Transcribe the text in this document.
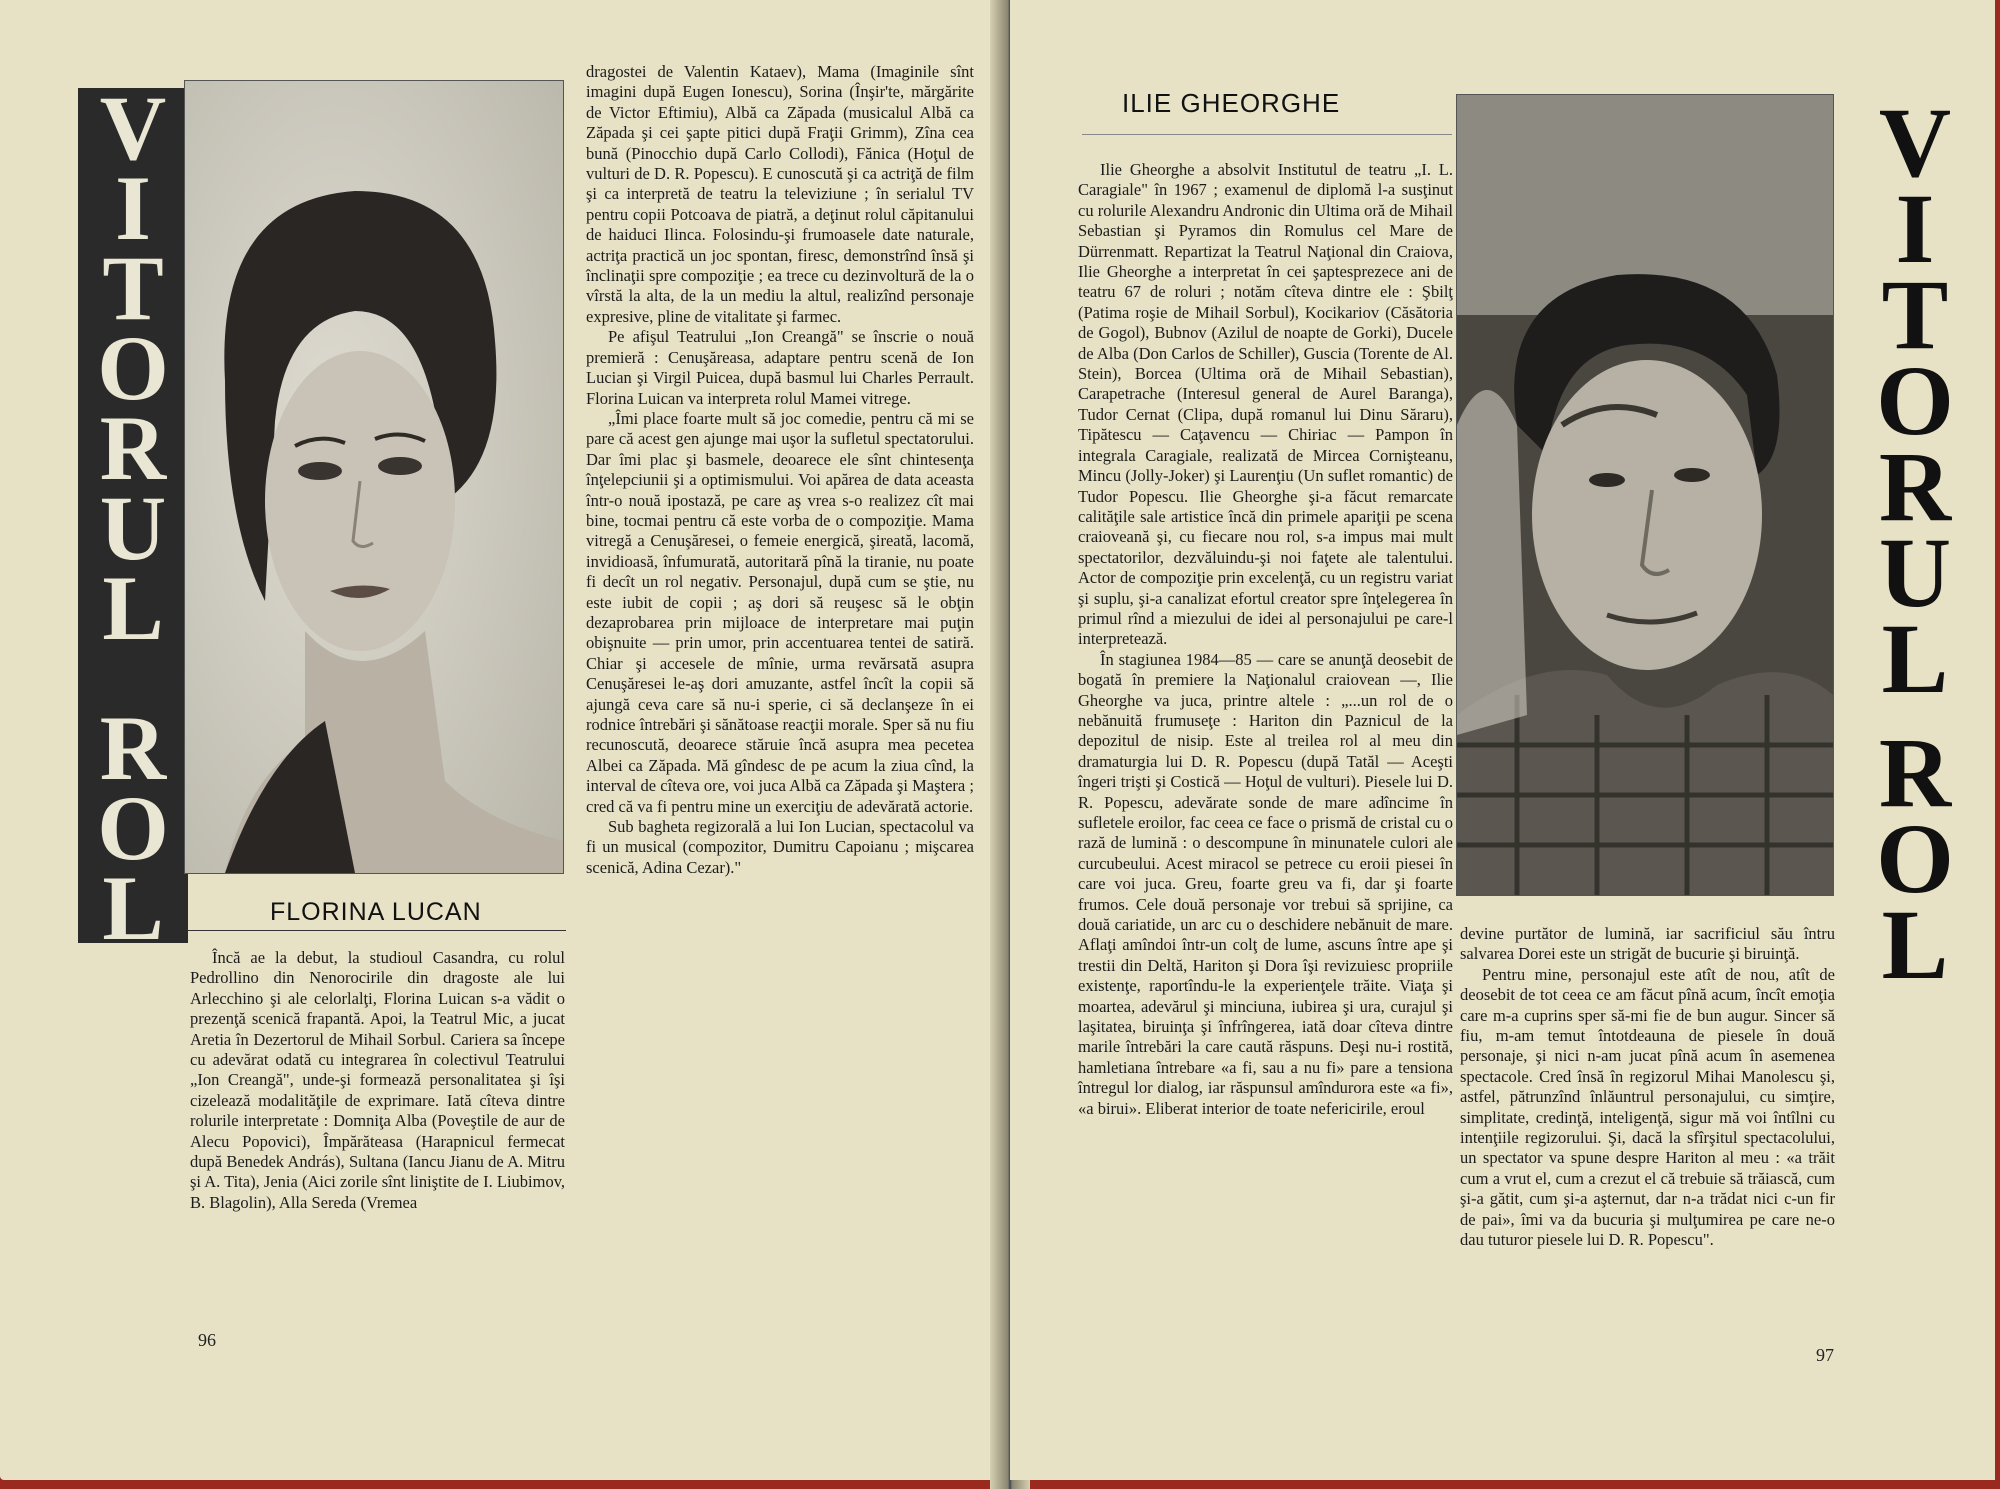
V
I
T
O
R
U
L
R
O
L	FLORINA LUCAN

Încă ae la debut, la studioul Casandra, cu rolul Pedrollino din Nenorocirile din dragoste ale lui Arlecchino şi ale celorlalţi, Florina Luican s-a vădit o prezenţă scenică frapantă. Apoi, la Teatrul Mic, a jucat Aretia în Dezertorul de Mihail Sorbul. Cariera sa începe cu adevărat odată cu integrarea în colectivul Teatrului „Ion Creangă", unde-şi formează personalitatea şi îşi cizelează modalităţile de exprimare. Iată cîteva dintre rolurile interpretate : Domniţa Alba (Poveştile de aur de Alecu Popovici), Împărăteasa (Harapnicul fermecat după Benedek András), Sultana (Iancu Jianu de A. Mitru şi A. Tita), Jenia (Aici zorile sînt liniştite de I. Liubimov, B. Blagolin), Alla Sereda (Vremea

dragostei de Valentin Kataev), Mama (Imaginile sînt imagini după Eugen Ionescu), Sorina (Înşir'te, mărgărite de Victor Eftimiu), Albă ca Zăpada (musicalul Albă ca Zăpada şi cei şapte pitici după Fraţii Grimm), Zîna cea bună (Pinocchio după Carlo Collodi), Fănica (Hoţul de vulturi de D. R. Popescu). E cunoscută şi ca actriţă de film şi ca interpretă de teatru la televiziune ; în serialul TV pentru copii Potcoava de piatră, a deţinut rolul căpitanului de haiduci Ilinca. Folosindu-şi frumoasele date naturale, actriţa practică un joc spontan, firesc, demonstrînd însă şi înclinaţii spre compoziţie ; ea trece cu dezinvoltură de la o vîrstă la alta, de la un mediu la altul, realizînd personaje expresive, pline de vitalitate şi farmec.

Pe afişul Teatrului „Ion Creangă" se înscrie o nouă premieră : Cenuşăreasa, adaptare pentru scenă de Ion Lucian şi Virgil Puicea, după basmul lui Charles Perrault. Florina Luican va interpreta rolul Mamei vitrege.

„Îmi place foarte mult să joc comedie, pentru că mi se pare că acest gen ajunge mai uşor la sufletul spectatorului. Dar îmi plac şi basmele, deoarece ele sînt chintesenţa înţelepciunii şi a optimismului. Voi apărea de data aceasta într-o nouă ipostază, pe care aş vrea s-o realizez cît mai bine, tocmai pentru că este vorba de o compoziţie. Mama vitregă a Cenuşăresei, o femeie energică, şireată, lacomă, invidioasă, înfumurată, autoritară pînă la tiranie, nu poate fi decît un rol negativ. Personajul, după cum se ştie, nu este iubit de copii ; aş dori să reuşesc să le obţin dezaprobarea prin mijloace de interpretare mai puţin obişnuite — prin umor, prin accentuarea tentei de satiră. Chiar şi accesele de mînie, urma revărsată asupra Cenuşăresei le-aş dori amuzante, astfel încît la copii să ajungă ceva care să nu-i sperie, ci să declanşeze în ei rodnice întrebări şi sănătoase reacţii morale. Sper să nu fiu recunoscută, deoarece stăruie încă asupra mea pecetea Albei ca Zăpada. Mă gîndesc de pe acum la ziua cînd, la interval de cîteva ore, voi juca Albă ca Zăpada şi Maştera ; cred că va fi pentru mine un exerciţiu de adevărată actorie.

Sub bagheta regizorală a lui Ion Lucian, spectacolul va fi un musical (compozitor, Dumitru Capoianu ; mişcarea scenică, Adina Cezar)."

96
ILIE GHEORGHE

Ilie Gheorghe a absolvit Institutul de teatru „I. L. Caragiale" în 1967 ; examenul de diplomă l-a susţinut cu rolurile Alexandru Andronic din Ultima oră de Mihail Sebastian şi Pyramos din Romulus cel Mare de Dürrenmatt. Repartizat la Teatrul Naţional din Craiova, Ilie Gheorghe a interpretat în cei şaptesprezece ani de teatru 67 de roluri ; notăm cîteva dintre ele : Şbilţ (Patima roşie de Mihail Sorbul), Kocikariov (Căsătoria de Gogol), Bubnov (Azilul de noapte de Gorki), Ducele de Alba (Don Carlos de Schiller), Guscia (Torente de Al. Stein), Borcea (Ultima oră de Mihail Sebastian), Carapetrache (Interesul general de Aurel Baranga), Tudor Cernat (Clipa, după romanul lui Dinu Săraru), Tipătescu — Caţavencu — Chiriac — Pampon în integrala Caragiale, realizată de Mircea Cornişteanu, Mincu (Jolly-Joker) şi Laurenţiu (Un suflet romantic) de Tudor Popescu. Ilie Gheorghe şi-a făcut remarcate calităţile sale artistice încă din primele apariţii pe scena craioveană şi, cu fiecare nou rol, s-a impus mai mult spectatorilor, dezvăluindu-şi noi faţete ale talentului. Actor de compoziţie prin excelenţă, cu un registru variat şi suplu, şi-a canalizat efortul creator spre înţelegerea în primul rînd a miezului de idei al personajului pe care-l interpretează.

În stagiunea 1984—85 — care se anunţă deosebit de bogată în premiere la Naţionalul craiovean —, Ilie Gheorghe va juca, printre altele : „...un rol de o nebănuită frumuseţe : Hariton din Paznicul de la depozitul de nisip. Este al treilea rol al meu din dramaturgia lui D. R. Popescu (după Tatăl — Aceşti îngeri trişti şi Costică — Hoţul de vulturi). Piesele lui D. R. Popescu, adevărate sonde de mare adîncime în sufletele eroilor, fac ceea ce face o prismă de cristal cu o rază de lumină : o descompune în minunatele culori ale curcubeului. Acest miracol se petrece cu eroii piesei în care voi juca. Greu, foarte greu va fi, dar şi foarte frumos. Cele două personaje vor trebui să sprijine, ca două cariatide, un arc cu o deschidere nebănuit de mare. Aflaţi amîndoi într-un colţ de lume, ascuns între ape şi trestii din Deltă, Hariton şi Dora îşi revizuiesc propriile existenţe, raportîndu-le la experienţele trăite. Viaţa şi moartea, adevărul şi minciuna, iubirea şi ura, curajul şi laşitatea, biruinţa şi înfrîngerea, iată doar cîteva dintre marile întrebări la care caută răspuns. Deşi nu-i rostită, hamletiana întrebare «a fi, sau a nu fi» pare a tensiona întregul lor dialog, iar răspunsul amîndurora este «a fi», «a birui». Eliberat interior de toate nefericirile, eroul

V
I
T
O
R
U
L
R
O
L

devine purtător de lumină, iar sacrificiul său întru salvarea Dorei este un strigăt de bucurie şi biruinţă.

Pentru mine, personajul este atît de nou, atît de deosebit de tot ceea ce am făcut pînă acum, încît emoţia care m-a cuprins sper să-mi fie de bun augur. Sincer să fiu, m-am temut întotdeauna de piesele în două personaje, şi nici n-am jucat pînă acum în asemenea spectacole. Cred însă în regizorul Mihai Manolescu şi, astfel, pătrunzînd înlăuntrul personajului, cu simţire, simplitate, credinţă, inteligenţă, sigur mă voi întîlni cu intenţiile regizorului. Şi, dacă la sfîrşitul spectacolului, un spectator va spune despre Hariton al meu : «a trăit cum a vrut el, cum a crezut el că trebuie să trăiască, cum şi-a gătit, cum şi-a aşternut, dar n-a trădat nici c-un fir de pai», îmi va da bucuria şi mulţumirea pe care ne-o dau tuturor piesele lui D. R. Popescu".

97
